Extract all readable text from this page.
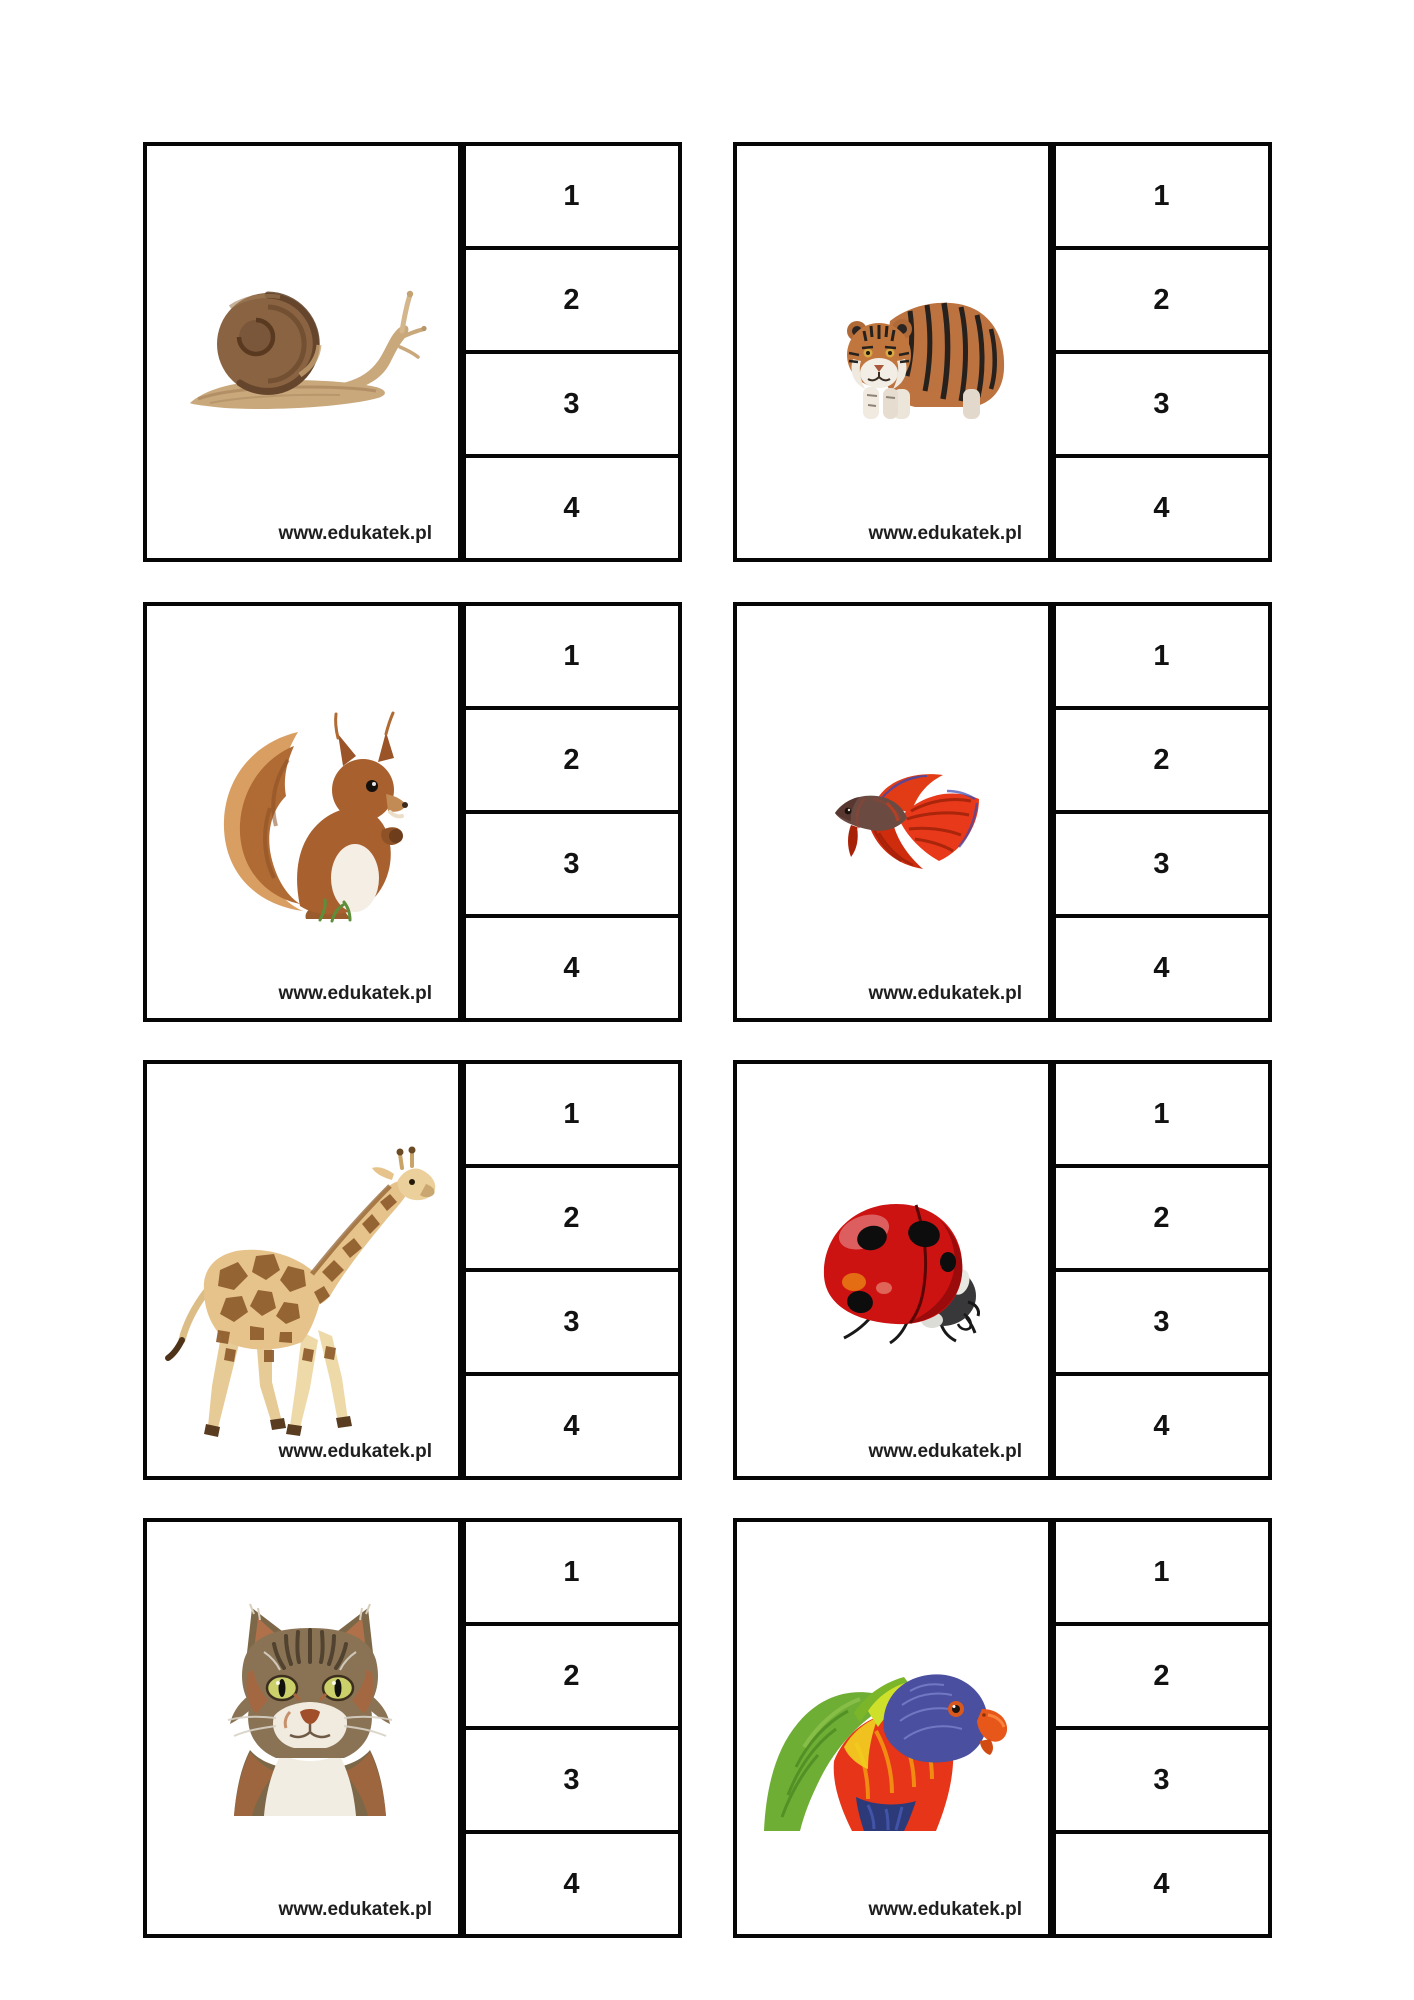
www.edukatek.pl
1
2
3
4
www.edukatek.pl
1
2
3
4
www.edukatek.pl
1
2
3
4
www.edukatek.pl
1
2
3
4
www.edukatek.pl
1
2
3
4
www.edukatek.pl
1
2
3
4
www.edukatek.pl
1
2
3
4
www.edukatek.pl
1
2
3
4
